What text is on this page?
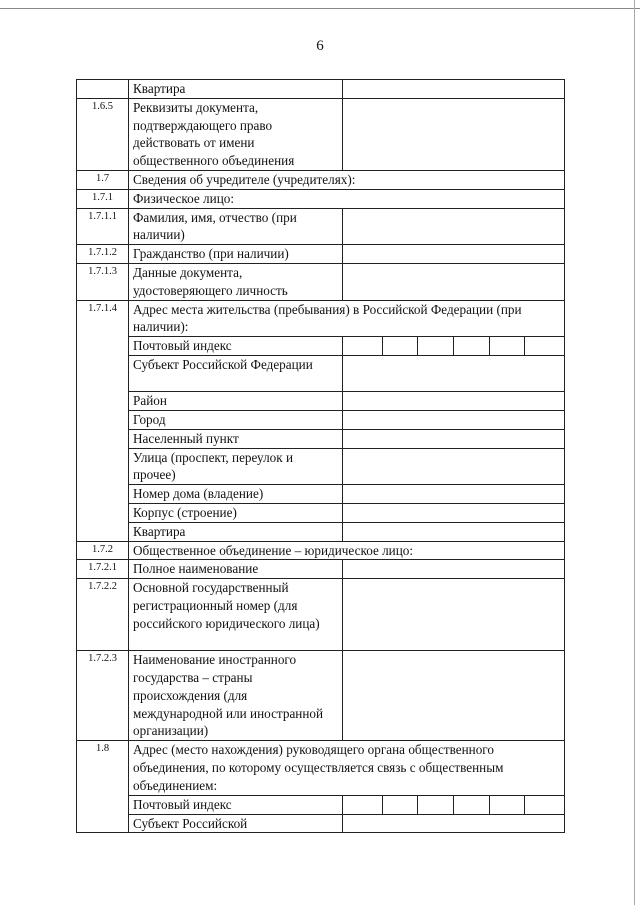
6
	Квартира	
1.6.5	Реквизиты документа, подтверждающего право действовать от имени общественного объединения	
1.7	Сведения об учредителе (учредителях):	
1.7.1	Физическое лицо:	
1.7.1.1	Фамилия, имя, отчество (при наличии)	
1.7.1.2	Гражданство (при наличии)	
1.7.1.3	Данные документа, удостоверяющего личность	
1.7.1.4	Адрес места жительства (пребывания) в Российской Федерации (при наличии):	
	Почтовый индекс	

	Субъект Российской Федерации	
	Район	
	Город	
	Населенный пункт	
	Улица (проспект, переулок и прочее)	
	Номер дома (владение)	
	Корпус (строение)	
	Квартира	
1.7.2	Общественное объединение – юридическое лицо:	
1.7.2.1	Полное наименование	
1.7.2.2	Основной государственный регистрационный номер (для российского юридического лица)	
1.7.2.3	Наименование иностранного государства – страны происхождения (для международной или иностранной организации)	
1.8	Адрес (место нахождения) руководящего органа общественного объединения, по которому осуществляется связь с общественным объединением:	
	Почтовый индекс	

	Субъект Российской	
